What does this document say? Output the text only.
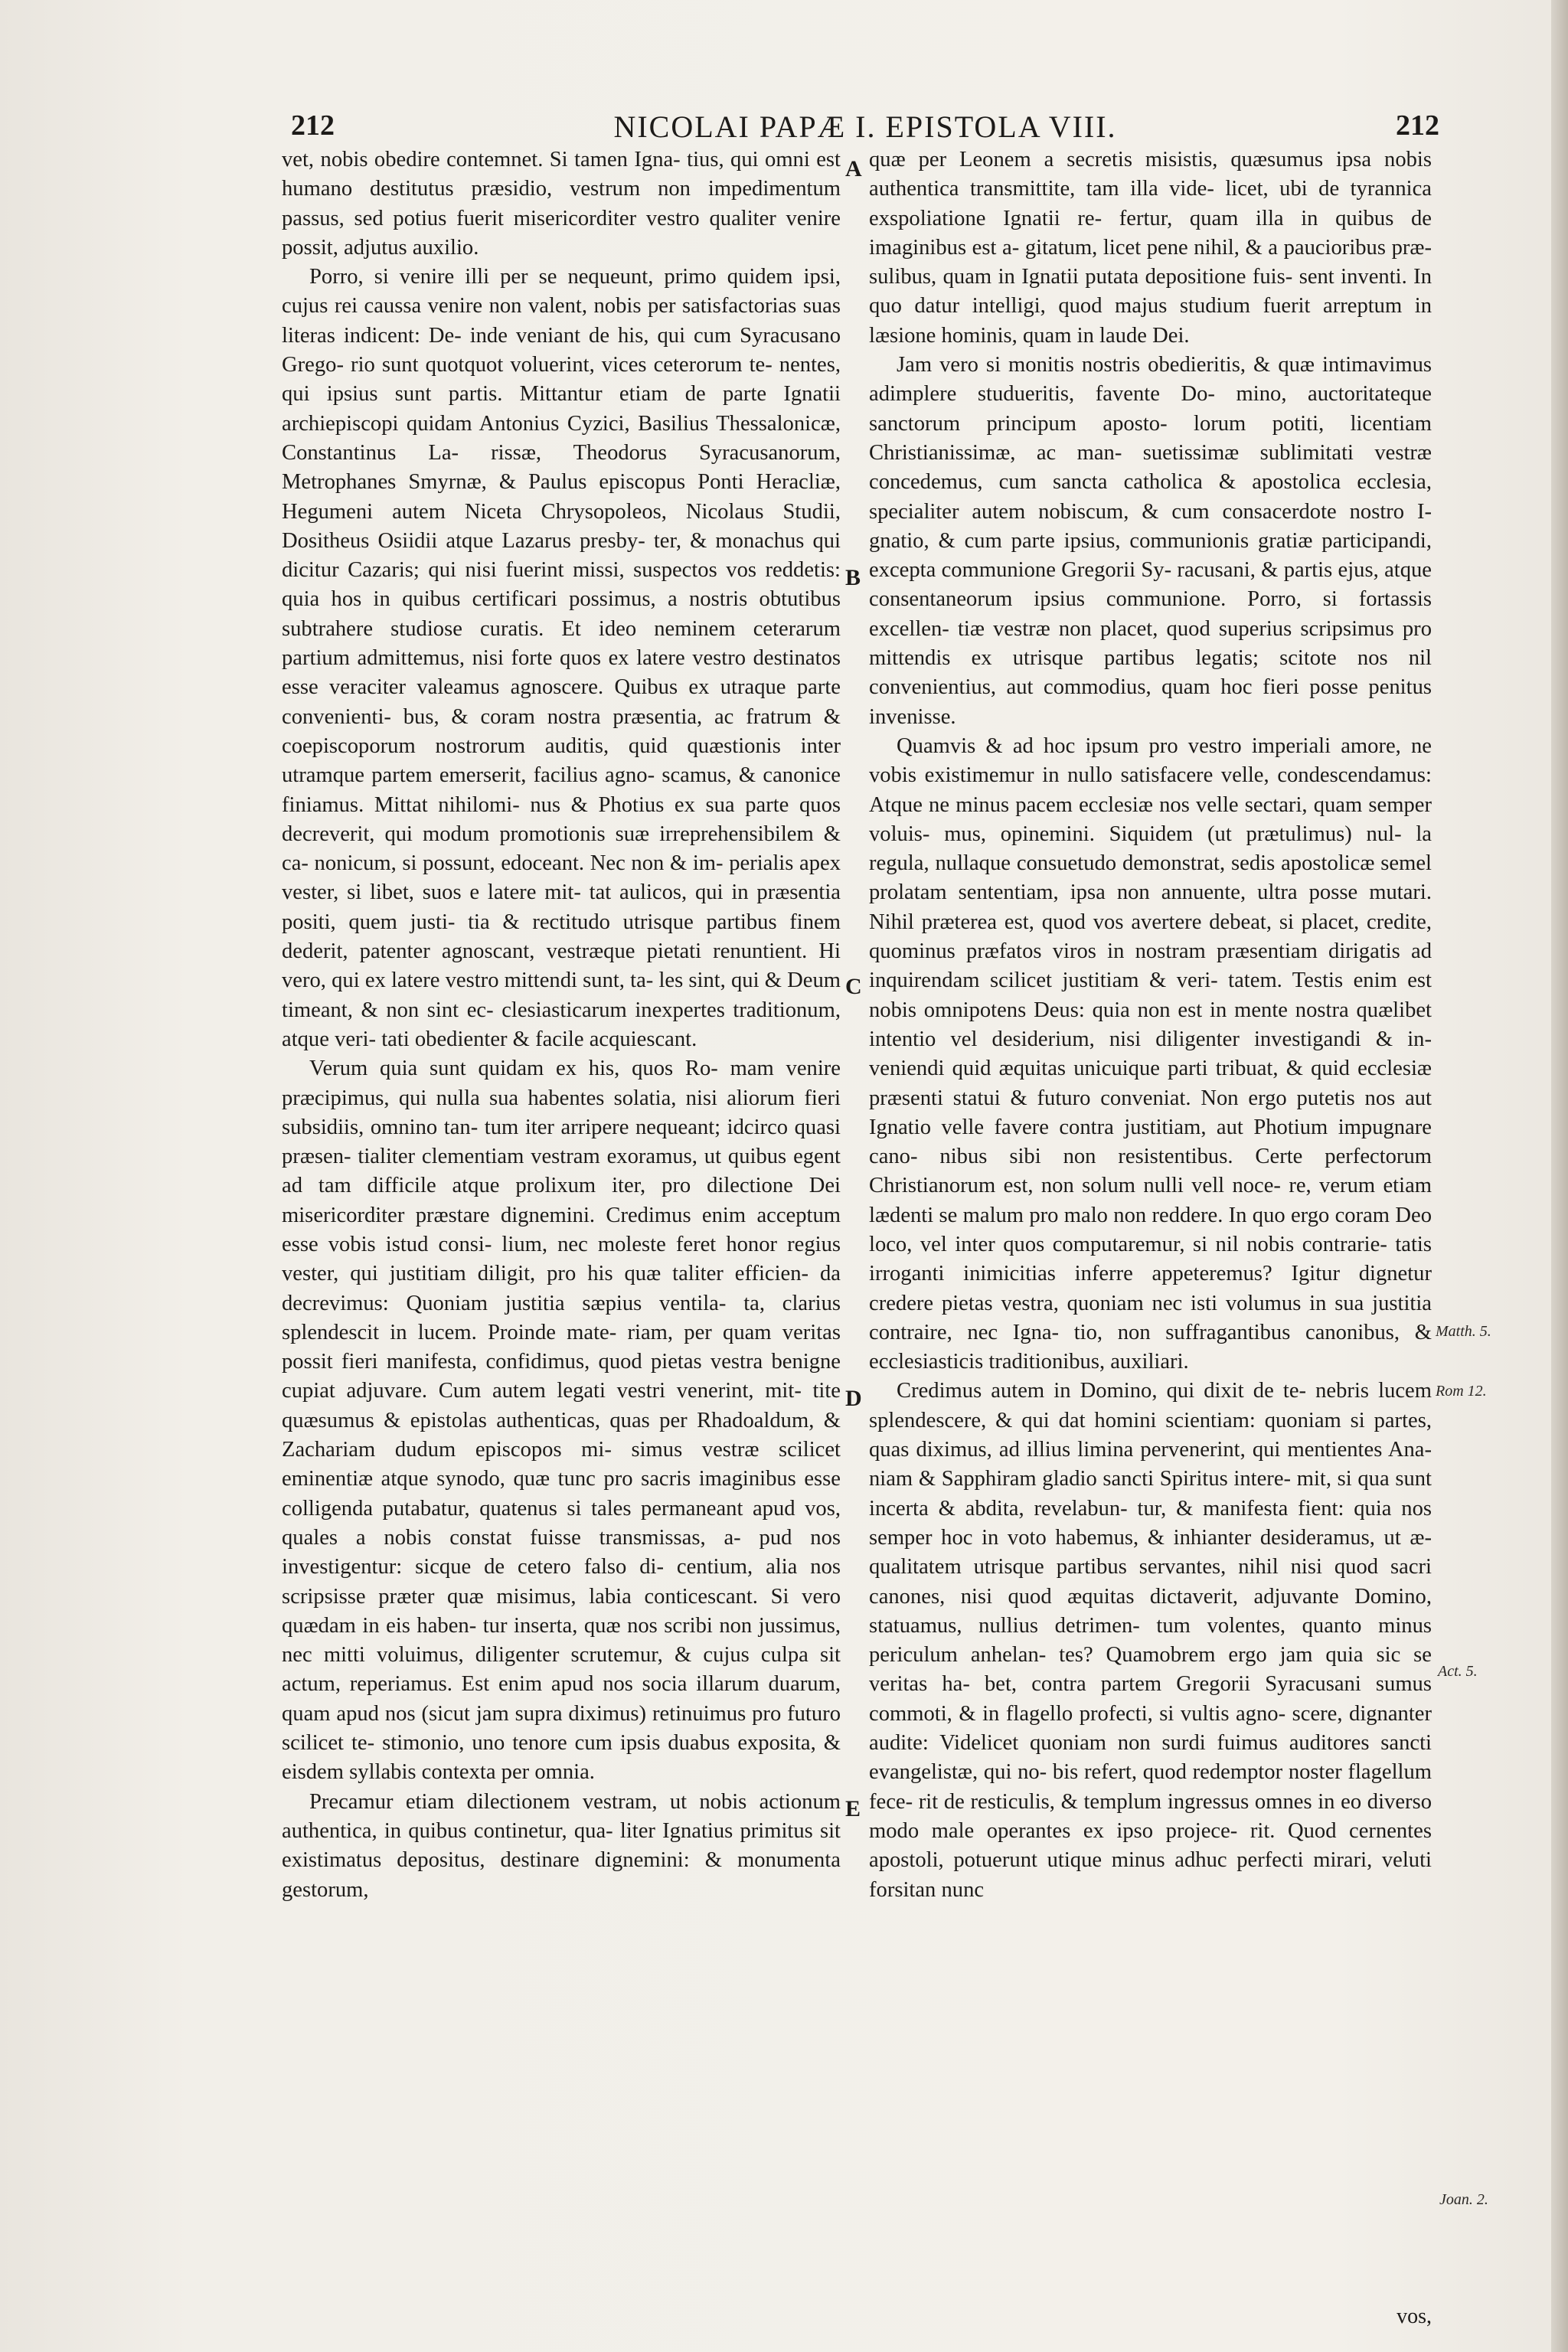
212	NICOLAI PAPÆ I. EPISTOLA VIII.	212

vet, nobis obedire contemnet. Si tamen Igna- tius, qui omni est humano destitutus præsidio, vestrum non impedimentum passus, sed potius fuerit misericorditer vestro qualiter venire possit, adjutus auxilio.

Porro, si venire illi per se nequeunt, primo quidem ipsi, cujus rei caussa venire non valent, nobis per satisfactorias suas literas indicent: De- inde veniant de his, qui cum Syracusano Grego- rio sunt quotquot voluerint, vices ceterorum te- nentes, qui ipsius sunt partis. Mittantur etiam de parte Ignatii archiepiscopi quidam Antonius Cyzici, Basilius Thessalonicæ, Constantinus La- rissæ, Theodorus Syracusanorum, Metrophanes Smyrnæ, & Paulus episcopus Ponti Heracliæ, Hegumeni autem Niceta Chrysopoleos, Nicolaus Studii, Dositheus Osiidii atque Lazarus presby- ter, & monachus qui dicitur Cazaris; qui nisi fuerint missi, suspectos vos reddetis: quia hos in quibus certificari possimus, a nostris obtutibus subtrahere studiose curatis. Et ideo neminem ceterarum partium admittemus, nisi forte quos ex latere vestro destinatos esse veraciter valeamus agnoscere. Quibus ex utraque parte convenienti- bus, & coram nostra præsentia, ac fratrum & coepiscoporum nostrorum auditis, quid quæstionis inter utramque partem emerserit, facilius agno- scamus, & canonice finiamus. Mittat nihilomi- nus & Photius ex sua parte quos decreverit, qui modum promotionis suæ irreprehensibilem & ca- nonicum, si possunt, edoceant. Nec non & im- perialis apex vester, si libet, suos e latere mit- tat aulicos, qui in præsentia positi, quem justi- tia & rectitudo utrisque partibus finem dederit, patenter agnoscant, vestræque pietati renuntient. Hi vero, qui ex latere vestro mittendi sunt, ta- les sint, qui & Deum timeant, & non sint ec- clesiasticarum inexpertes traditionum, atque veri- tati obedienter & facile acquiescant.

Verum quia sunt quidam ex his, quos Ro- mam venire præcipimus, qui nulla sua habentes solatia, nisi aliorum fieri subsidiis, omnino tan- tum iter arripere nequeant; idcirco quasi præsen- tialiter clementiam vestram exoramus, ut quibus egent ad tam difficile atque prolixum iter, pro dilectione Dei misericorditer præstare dignemini. Credimus enim acceptum esse vobis istud consi- lium, nec moleste feret honor regius vester, qui justitiam diligit, pro his quæ taliter efficien- da decrevimus: Quoniam justitia sæpius ventila- ta, clarius splendescit in lucem. Proinde mate- riam, per quam veritas possit fieri manifesta, confidimus, quod pietas vestra benigne cupiat adjuvare. Cum autem legati vestri venerint, mit- tite quæsumus & epistolas authenticas, quas per Rhadoaldum, & Zachariam dudum episcopos mi- simus vestræ scilicet eminentiæ atque synodo, quæ tunc pro sacris imaginibus esse colligenda putabatur, quatenus si tales permaneant apud vos, quales a nobis constat fuisse transmissas, a- pud nos investigentur: sicque de cetero falso di- centium, alia nos scripsisse præter quæ misimus, labia conticescant. Si vero quædam in eis haben- tur inserta, quæ nos scribi non jussimus, nec mitti voluimus, diligenter scrutemur, & cujus culpa sit actum, reperiamus. Est enim apud nos socia illarum duarum, quam apud nos (sicut jam supra diximus) retinuimus pro futuro scilicet te- stimonio, uno tenore cum ipsis duabus exposita, & eisdem syllabis contexta per omnia.

Precamur etiam dilectionem vestram, ut nobis actionum authentica, in quibus continetur, qua- liter Ignatius primitus sit existimatus depositus, destinare dignemini: & monumenta gestorum,

quæ per Leonem a secretis misistis, quæsumus ipsa nobis authentica transmittite, tam illa vide- licet, ubi de tyrannica exspoliatione Ignatii re- fertur, quam illa in quibus de imaginibus est a- gitatum, licet pene nihil, & a paucioribus præ- sulibus, quam in Ignatii putata depositione fuis- sent inventi. In quo datur intelligi, quod majus studium fuerit arreptum in læsione hominis, quam in laude Dei.

Jam vero si monitis nostris obedieritis, & quæ intimavimus adimplere studueritis, favente Do- mino, auctoritateque sanctorum principum aposto- lorum potiti, licentiam Christianissimæ, ac man- suetissimæ sublimitati vestræ concedemus, cum sancta catholica & apostolica ecclesia, specialiter autem nobiscum, & cum consacerdote nostro I- gnatio, & cum parte ipsius, communionis gratiæ participandi, excepta communione Gregorii Sy- racusani, & partis ejus, atque consentaneorum ipsius communione. Porro, si fortassis excellen- tiæ vestræ non placet, quod superius scripsimus pro mittendis ex utrisque partibus legatis; scitote nos nil convenientius, aut commodius, quam hoc fieri posse penitus invenisse.

Quamvis & ad hoc ipsum pro vestro imperiali amore, ne vobis existimemur in nullo satisfacere velle, condescendamus: Atque ne minus pacem ecclesiæ nos velle sectari, quam semper voluis- mus, opinemini. Siquidem (ut prætulimus) nul- la regula, nullaque consuetudo demonstrat, sedis apostolicæ semel prolatam sententiam, ipsa non annuente, ultra posse mutari. Nihil præterea est, quod vos avertere debeat, si placet, credite, quominus præfatos viros in nostram præsentiam dirigatis ad inquirendam scilicet justitiam & veri- tatem. Testis enim est nobis omnipotens Deus: quia non est in mente nostra quælibet intentio vel desiderium, nisi diligenter investigandi & in- veniendi quid æquitas unicuique parti tribuat, & quid ecclesiæ præsenti statui & futuro conveniat. Non ergo putetis nos aut Ignatio velle favere contra justitiam, aut Photium impugnare cano- nibus sibi non resistentibus. Certe perfectorum Christianorum est, non solum nulli vell noce- re, verum etiam lædenti se malum pro malo non reddere. In quo ergo coram Deo loco, vel inter quos computaremur, si nil nobis contrarie- tatis irroganti inimicitias inferre appeteremus? Igitur dignetur credere pietas vestra, quoniam nec isti volumus in sua justitia contraire, nec Igna- tio, non suffragantibus canonibus, & ecclesiasticis traditionibus, auxiliari.

Credimus autem in Domino, qui dixit de te- nebris lucem splendescere, & qui dat homini scientiam: quoniam si partes, quas diximus, ad illius limina pervenerint, qui mentientes Ana- niam & Sapphiram gladio sancti Spiritus intere- mit, si qua sunt incerta & abdita, revelabun- tur, & manifesta fient: quia nos semper hoc in voto habemus, & inhianter desideramus, ut æ- qualitatem utrisque partibus servantes, nihil nisi quod sacri canones, nisi quod æquitas dictaverit, adjuvante Domino, statuamus, nullius detrimen- tum volentes, quanto minus periculum anhelan- tes? Quamobrem ergo jam quia sic se veritas ha- bet, contra partem Gregorii Syracusani sumus commoti, & in flagello profecti, si vultis agno- scere, dignanter audite: Videlicet quoniam non surdi fuimus auditores sancti evangelistæ, qui no- bis refert, quod redemptor noster flagellum fece- rit de resticulis, & templum ingressus omnes in eo diverso modo male operantes ex ipso projece- rit. Quod cernentes apostoli, potuerunt utique minus adhuc perfecti mirari, veluti forsitan nunc

A
B
C
D
E
Matth. 5.
Rom 12.
Act. 5.
Joan. 2.
vos,
